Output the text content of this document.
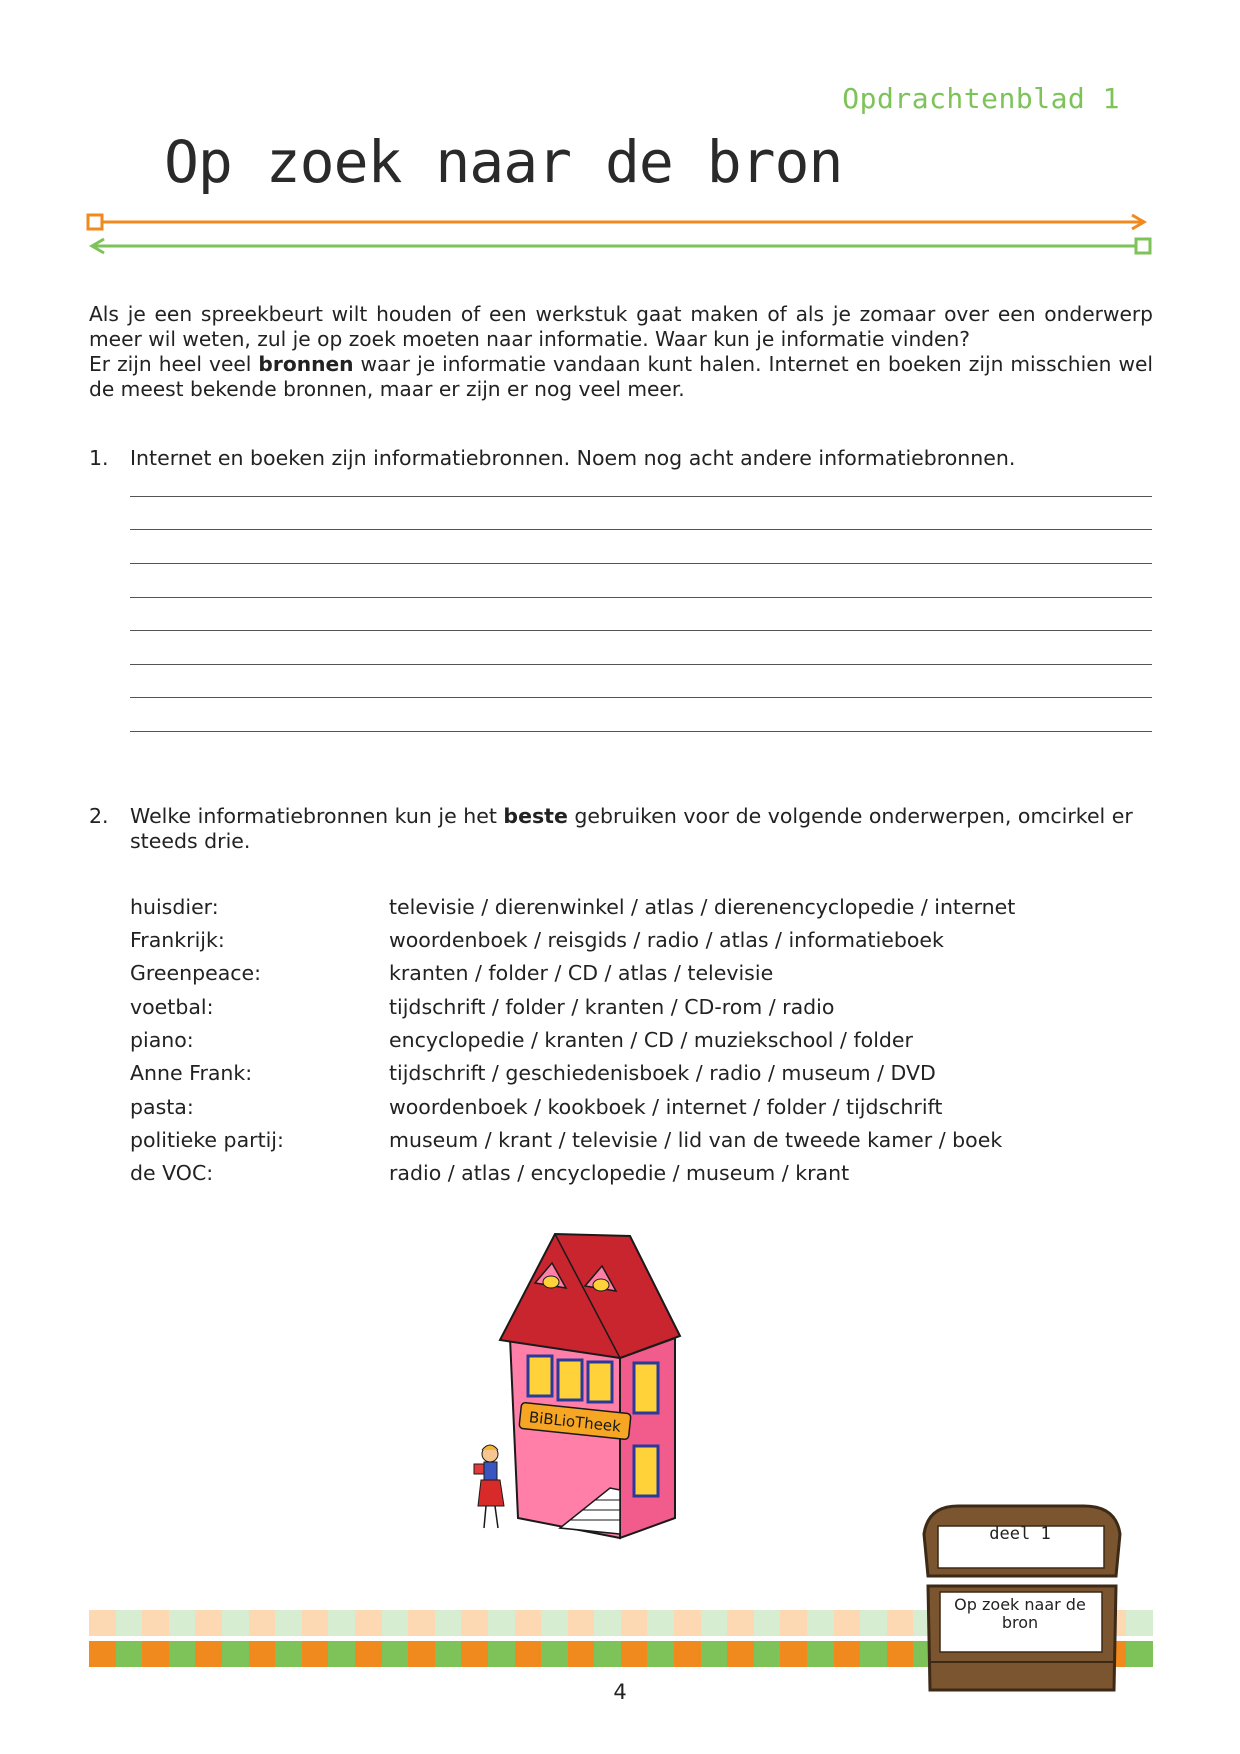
Opdrachtenblad 1
Op zoek naar de bron

Als je een spreekbeurt wilt houden of een werkstuk gaat maken of als je zomaar over een onderwerp meer wil weten, zul je op zoek moeten naar informatie. Waar kun je informatie vinden?

Er zijn heel veel bronnen waar je informatie vandaan kunt halen. Internet en boeken zijn misschien wel de meest bekende bronnen, maar er zijn er nog veel meer.

1. Internet en boeken zijn informatiebronnen. Noem nog acht andere informatiebronnen.
2. Welke informatiebronnen kun je het beste gebruiken voor de volgende onderwerpen, omcirkel er steeds drie.
huisdier:	televisie / dierenwinkel / atlas / dierenencyclopedie / internet
Frankrijk:	woordenboek / reisgids / radio / atlas / informatieboek
Greenpeace:	kranten / folder / CD / atlas / televisie
voetbal:	tijdschrift / folder / kranten / CD-rom / radio
piano:	encyclopedie / kranten / CD / muziekschool / folder
Anne Frank:	tijdschrift / geschiedenisboek / radio / museum / DVD
pasta:	woordenboek / kookboek / internet / folder / tijdschrift
politieke partij:	museum / krant / televisie / lid van de tweede kamer / boek
de VOC:	radio / atlas / encyclopedie / museum / krant
BiBLioTheek
4
deel 1
Op zoek naar de bron
